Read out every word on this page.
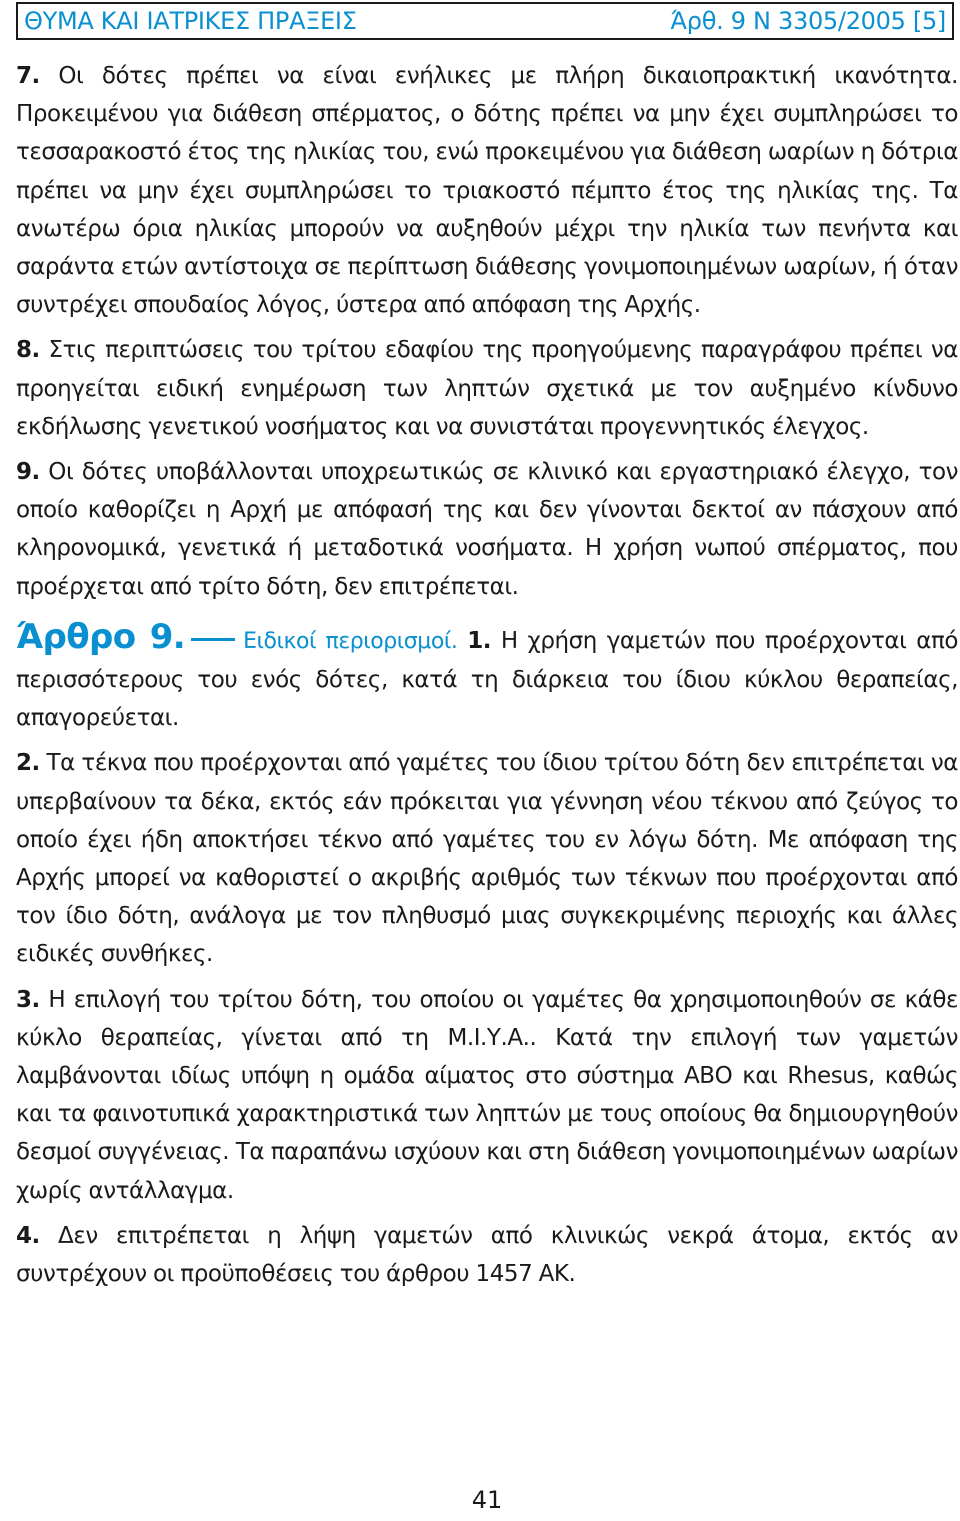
ΘΥΜΑ ΚΑΙ ΙΑΤΡΙΚΕΣ ΠΡΑΞΕΙΣ	Άρθ. 9 Ν 3305/2005 [5]

7. Οι δότες πρέπει να είναι ενήλικες με πλήρη δικαιοπρακτική ικανότητα. Προκειμένου για διάθεση σπέρματος, ο δότης πρέπει να μην έχει συμπληρώσει το τεσσαρακοστό έτος της ηλικίας του, ενώ προκειμένου για διάθεση ωαρίων η δότρια πρέπει να μην έχει συμπληρώσει το τριακοστό πέμπτο έτος της ηλικίας της. Τα ανωτέρω όρια ηλικίας μπορούν να αυξηθούν μέχρι την ηλικία των πενήντα και σαράντα ετών αντίστοιχα σε περίπτωση διάθεσης γονιμοποιημένων ωαρίων, ή όταν συντρέχει σπουδαίος λόγος, ύστερα από απόφαση της Αρχής.

8. Στις περιπτώσεις του τρίτου εδαφίου της προηγούμενης παραγράφου πρέπει να προηγείται ειδική ενημέρωση των ληπτών σχετικά με τον αυξημένο κίνδυνο εκδήλωσης γενετικού νοσήματος και να συνιστάται προγεννητικός έλεγχος.

9. Οι δότες υποβάλλονται υποχρεωτικώς σε κλινικό και εργαστηριακό έλεγχο, τον οποίο καθορίζει η Αρχή με απόφασή της και δεν γίνονται δεκτοί αν πάσχουν από κληρονομικά, γενετικά ή μεταδοτικά νοσήματα. Η χρήση νωπού σπέρματος, που προέρχεται από τρίτο δότη, δεν επιτρέπεται.

Άρθρο 9.	Ειδικοί περιορισμοί. 1. Η χρήση γαμετών που προέρχονται από περισσότερους του ενός δότες, κατά τη διάρκεια του ίδιου κύκλου θεραπείας, απαγορεύεται.

2. Τα τέκνα που προέρχονται από γαμέτες του ίδιου τρίτου δότη δεν επιτρέπεται να υπερβαίνουν τα δέκα, εκτός εάν πρόκειται για γέννηση νέου τέκνου από ζεύγος το οποίο έχει ήδη αποκτήσει τέκνο από γαμέτες του εν λόγω δότη. Με απόφαση της Αρχής μπορεί να καθοριστεί ο ακριβής αριθμός των τέκνων που προέρχονται από τον ίδιο δότη, ανάλογα με τον πληθυσμό μιας συγκεκριμένης περιοχής και άλλες ειδικές συνθήκες.

3. Η επιλογή του τρίτου δότη, του οποίου οι γαμέτες θα χρησιμοποιηθούν σε κάθε κύκλο θεραπείας, γίνεται από τη Μ.Ι.Υ.Α.. Κατά την επιλογή των γαμετών λαμβάνονται ιδίως υπόψη η ομάδα αίματος στο σύστημα ΑΒΟ και Rhesus, καθώς και τα φαινοτυπικά χαρακτηριστικά των ληπτών με τους οποίους θα δημιουργηθούν δεσμοί συγγένειας. Τα παραπάνω ισχύουν και στη διάθεση γονιμοποιημένων ωαρίων χωρίς αντάλλαγμα.

4. Δεν επιτρέπεται η λήψη γαμετών από κλινικώς νεκρά άτομα, εκτός αν συντρέχουν οι προϋποθέσεις του άρθρου 1457 ΑΚ.

41
